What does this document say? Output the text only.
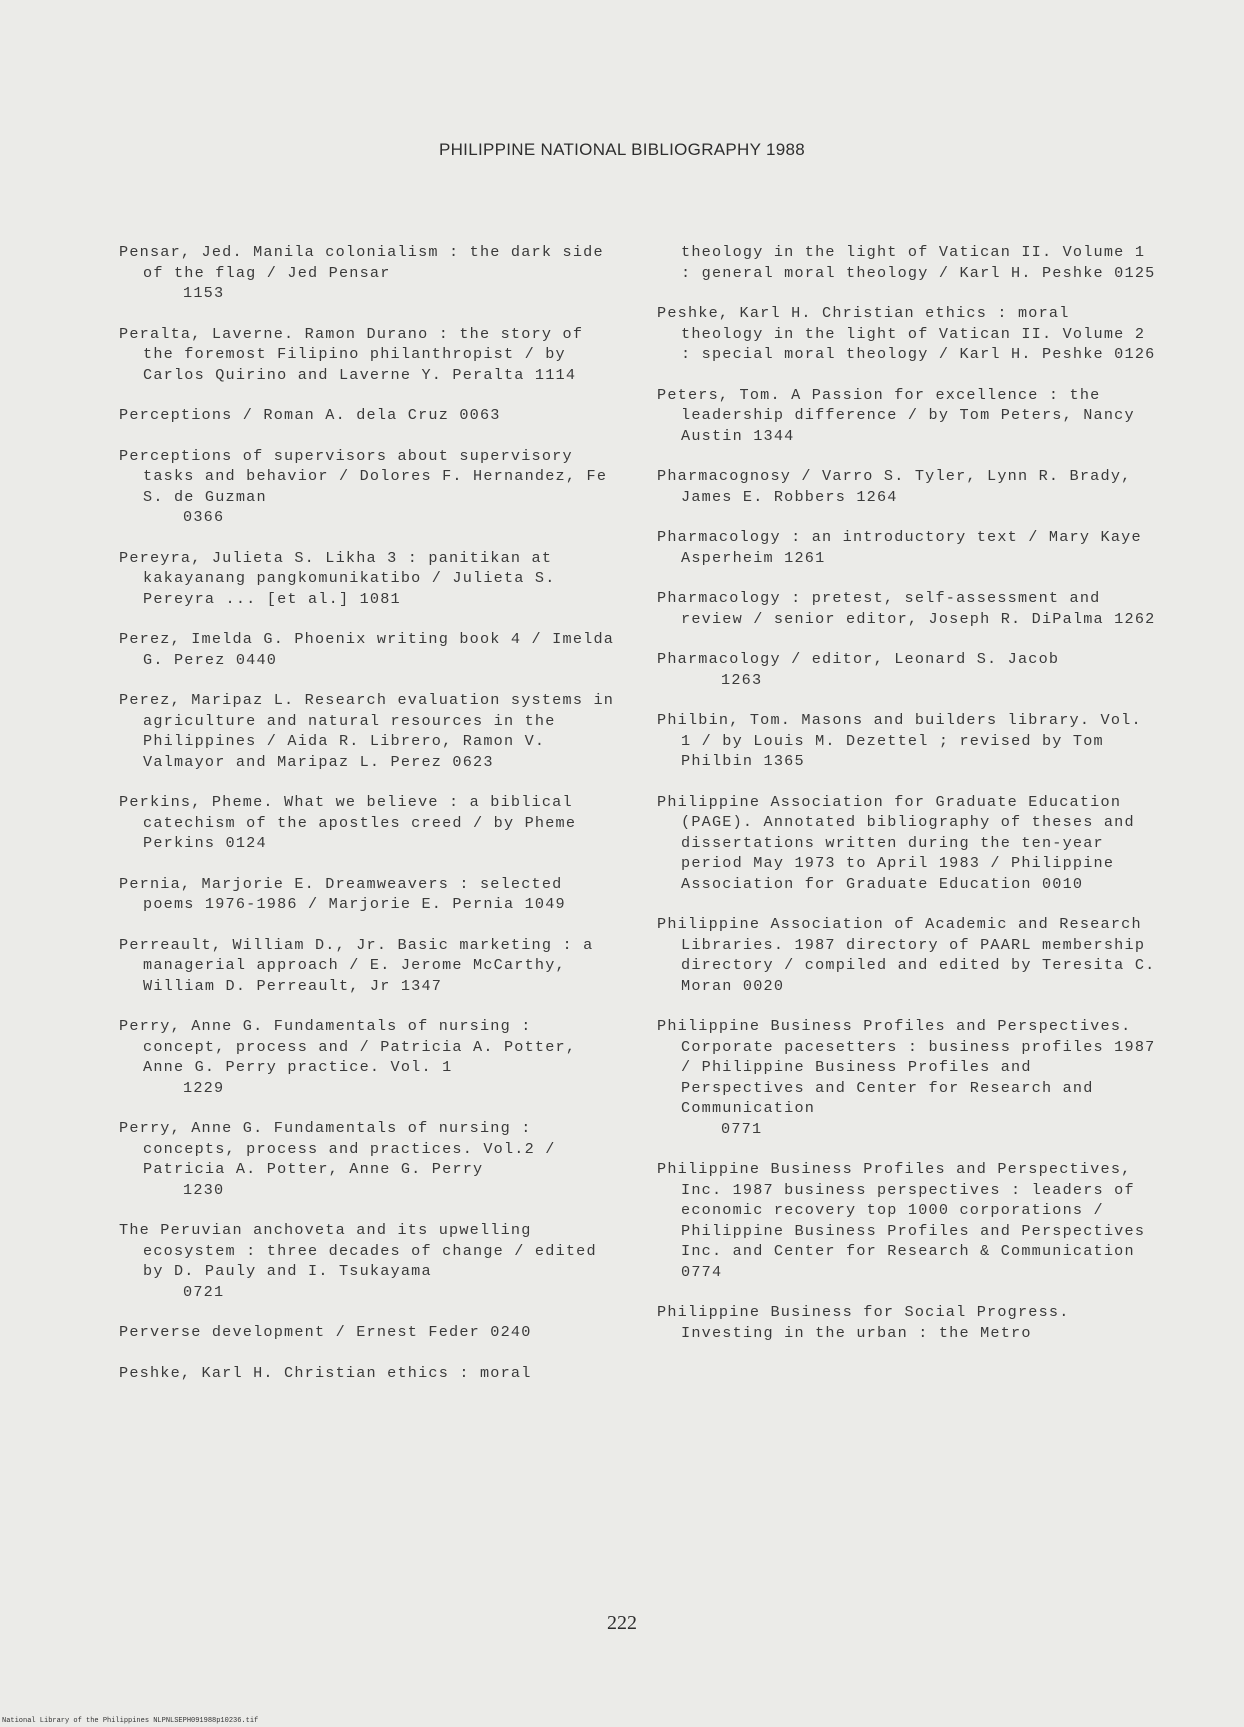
PHILIPPINE NATIONAL BIBLIOGRAPHY 1988
Pensar, Jed. Manila colonialism : the dark side of the flag / Jed Pensar
1153
Peralta, Laverne. Ramon Durano : the story of the foremost Filipino philanthropist / by Carlos Quirino and Laverne Y. Peralta 1114
Perceptions / Roman A. dela Cruz 0063
Perceptions of supervisors about supervisory tasks and behavior / Dolores F. Hernandez, Fe S. de Guzman
0366
Pereyra, Julieta S. Likha 3 : panitikan at kakayanang pangkomunikatibo / Julieta S. Pereyra ... [et al.] 1081
Perez, Imelda G. Phoenix writing book 4 / Imelda G. Perez 0440
Perez, Maripaz L. Research evaluation systems in agriculture and natural resources in the Philippines / Aida R. Librero, Ramon V. Valmayor and Maripaz L. Perez 0623
Perkins, Pheme. What we believe : a biblical catechism of the apostles creed / by Pheme Perkins 0124
Pernia, Marjorie E. Dreamweavers : selected poems 1976-1986 / Marjorie E. Pernia 1049
Perreault, William D., Jr. Basic marketing : a managerial approach / E. Jerome McCarthy, William D. Perreault, Jr 1347
Perry, Anne G. Fundamentals of nursing : concept, process and / Patricia A. Potter, Anne G. Perry practice. Vol. 1
1229
Perry, Anne G. Fundamentals of nursing : concepts, process and practices. Vol.2 / Patricia A. Potter, Anne G. Perry
1230
The Peruvian anchoveta and its upwelling ecosystem : three decades of change / edited by D. Pauly and I. Tsukayama
0721
Perverse development / Ernest Feder 0240
Peshke, Karl H. Christian ethics : moral
theology in the light of Vatican II. Volume 1 : general moral theology / Karl H. Peshke 0125
Peshke, Karl H. Christian ethics : moral theology in the light of Vatican II. Volume 2 : special moral theology / Karl H. Peshke 0126
Peters, Tom. A Passion for excellence : the leadership difference / by Tom Peters, Nancy Austin 1344
Pharmacognosy / Varro S. Tyler, Lynn R. Brady, James E. Robbers 1264
Pharmacology : an introductory text / Mary Kaye Asperheim 1261
Pharmacology : pretest, self-assessment and review / senior editor, Joseph R. DiPalma 1262
Pharmacology / editor, Leonard S. Jacob
1263
Philbin, Tom. Masons and builders library. Vol. 1 / by Louis M. Dezettel ; revised by Tom Philbin 1365
Philippine Association for Graduate Education (PAGE). Annotated bibliography of theses and dissertations written during the ten-year period May 1973 to April 1983 / Philippine Association for Graduate Education 0010
Philippine Association of Academic and Research Libraries. 1987 directory of PAARL membership directory / compiled and edited by Teresita C. Moran 0020
Philippine Business Profiles and Perspectives. Corporate pacesetters : business profiles 1987 / Philippine Business Profiles and Perspectives and Center for Research and Communication
0771
Philippine Business Profiles and Perspectives, Inc. 1987 business perspectives : leaders of economic recovery top 1000 corporations / Philippine Business Profiles and Perspectives Inc. and Center for Research & Communication 0774
Philippine Business for Social Progress. Investing in the urban : the Metro
222
National Library of the Philippines NLPNLSEPH091988p10236.tif
